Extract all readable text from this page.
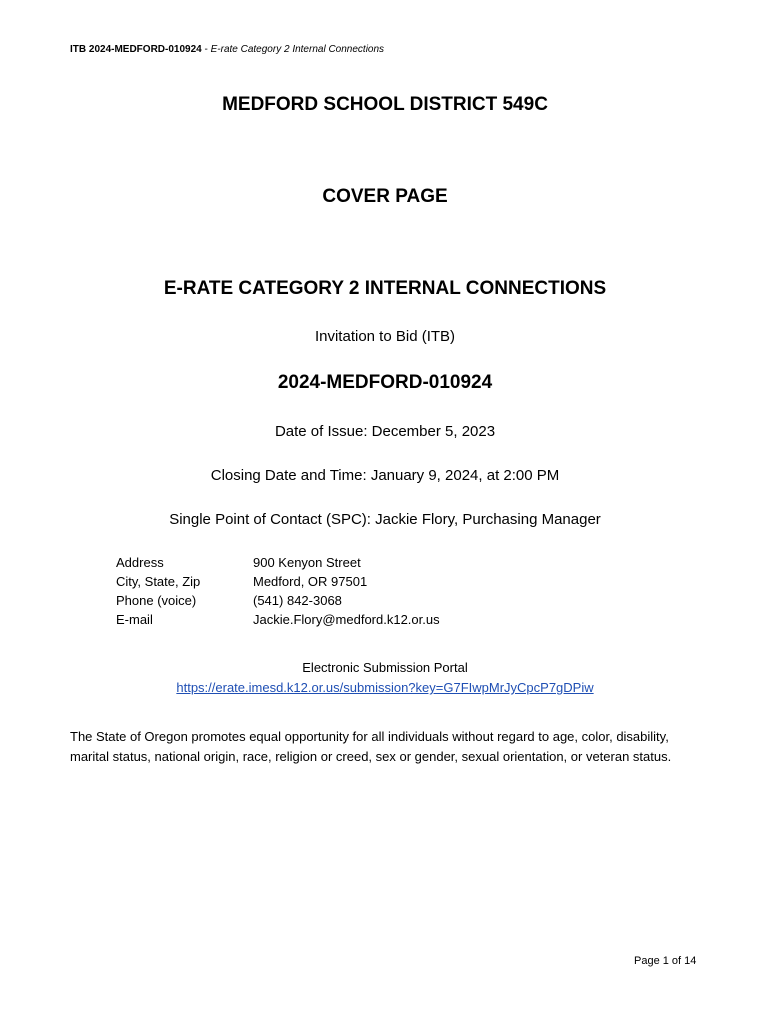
ITB 2024-MEDFORD-010924 - E-rate Category 2 Internal Connections
MEDFORD SCHOOL DISTRICT 549C
COVER PAGE
E-RATE CATEGORY 2 INTERNAL CONNECTIONS
Invitation to Bid (ITB)
2024-MEDFORD-010924
Date of Issue: December 5, 2023
Closing Date and Time: January 9, 2024, at 2:00 PM
Single Point of Contact (SPC): Jackie Flory, Purchasing Manager
Address	900 Kenyon Street
City, State, Zip	Medford, OR 97501
Phone (voice)	(541) 842-3068
E-mail	Jackie.Flory@medford.k12.or.us
Electronic Submission Portal
https://erate.imesd.k12.or.us/submission?key=G7FIwpMrJyCpcP7gDPiw
The State of Oregon promotes equal opportunity for all individuals without regard to age, color, disability, marital status, national origin, race, religion or creed, sex or gender, sexual orientation, or veteran status.
Page 1 of 14
